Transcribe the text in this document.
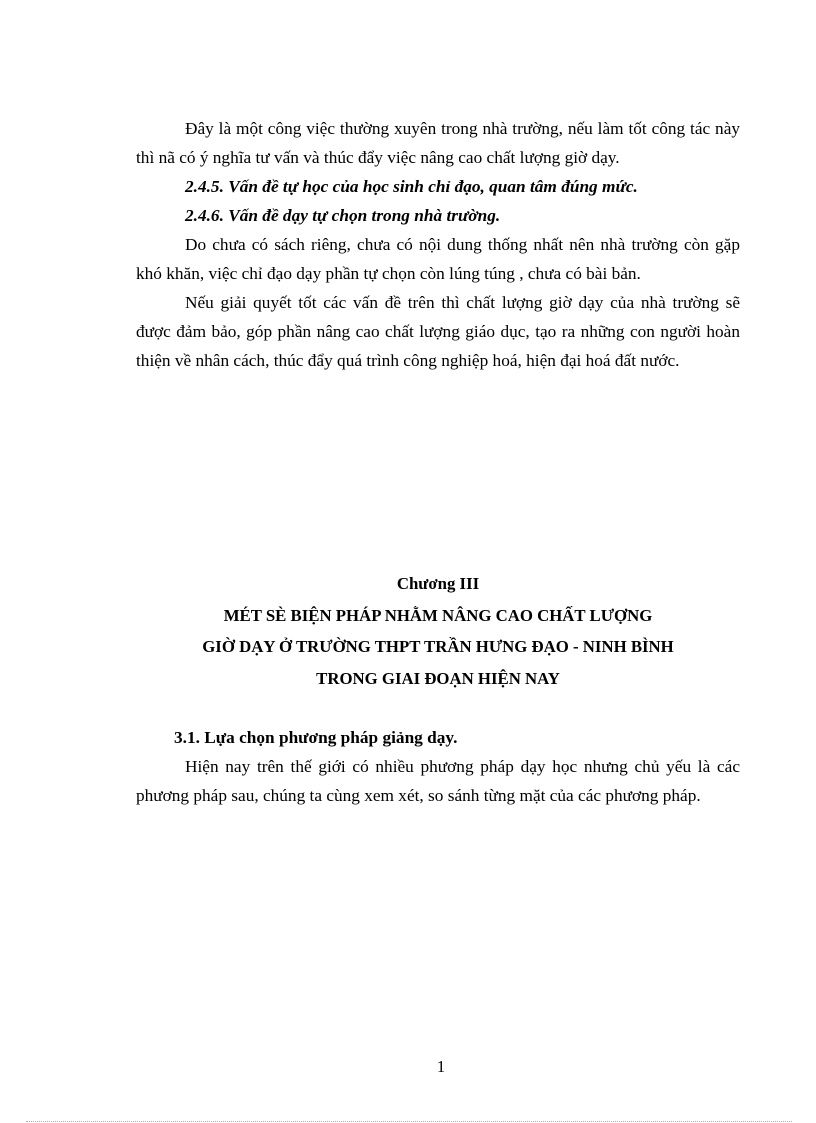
Đây là một công việc thường xuyên trong nhà trường, nếu làm tốt công tác này thì nã có ý nghĩa tư vấn và thúc đẩy việc nâng cao chất lượng giờ dạy.

2.4.5. Vấn đề tự học của học sinh chỉ đạo, quan tâm đúng mức.

2.4.6. Vấn đề dạy tự chọn trong nhà trường.

Do chưa có sách riêng, chưa có nội dung thống nhất nên nhà trường còn gặp khó khăn, việc chỉ đạo dạy phần tự chọn còn lúng túng , chưa có bài bản.

Nếu giải quyết tốt các vấn đề trên thì chất lượng giờ dạy của nhà trường sẽ được đảm bảo, góp phần nâng cao chất lượng giáo dục, tạo ra những con người hoàn thiện về nhân cách, thúc đẩy quá trình công nghiệp hoá, hiện đại hoá đất nước.

Chương III
MÉT SÈ BIỆN PHÁP NHẰM NÂNG CAO CHẤT LƯỢNG
GIỜ DẠY Ở TRƯỜNG THPT TRẦN HƯNG ĐẠO - NINH BÌNH
TRONG GIAI ĐOẠN HIỆN NAY

3.1. Lựa chọn phương pháp giảng dạy.

Hiện nay trên thế giới có nhiều phương pháp dạy học nhưng chủ yếu là các phương pháp sau, chúng ta cùng xem xét, so sánh từng mặt của các phương pháp.

1
